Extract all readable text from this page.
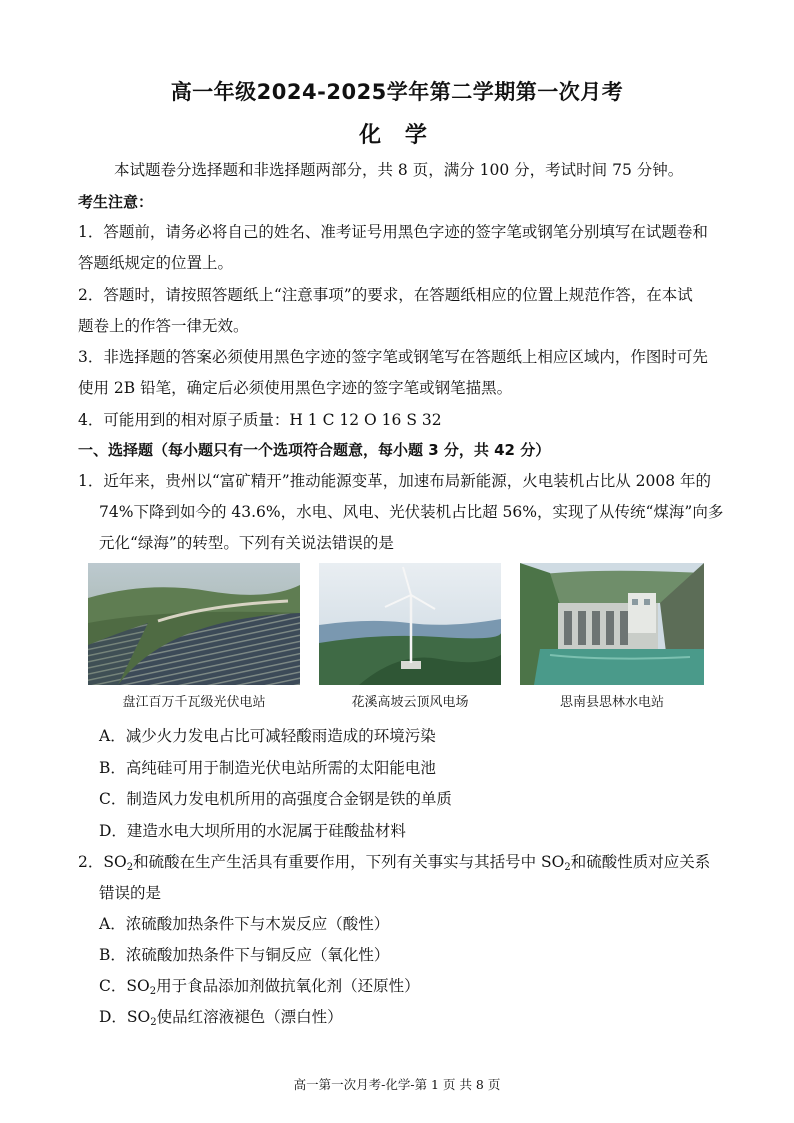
高一年级2024-2025学年第二学期第一次月考
化 学
本试题卷分选择题和非选择题两部分，共 8 页，满分 100 分，考试时间 75 分钟。
考生注意：
1．答题前，请务必将自己的姓名、准考证号用黑色字迹的签字笔或钢笔分别填写在试题卷和
答题纸规定的位置上。
2．答题时，请按照答题纸上“注意事项”的要求，在答题纸相应的位置上规范作答，在本试
题卷上的作答一律无效。
3．非选择题的答案必须使用黑色字迹的签字笔或钢笔写在答题纸上相应区域内，作图时可先
使用 2B 铅笔，确定后必须使用黑色字迹的签字笔或钢笔描黑。
4．可能用到的相对原子质量：H 1 C 12 O 16 S 32
一、选择题（每小题只有一个选项符合题意，每小题 3 分，共 42 分）
1．近年来，贵州以“富矿精开”推动能源变革，加速布局新能源，火电装机占比从 2008 年的
74%下降到如今的 43.6%，水电、风电、光伏装机占比超 56%，实现了从传统“煤海”向多
元化“绿海”的转型。下列有关说法错误的是
盘江百万千瓦级光伏电站	花溪高坡云顶风电场	思南县思林水电站
A．减少火力发电占比可减轻酸雨造成的环境污染
B．高纯硅可用于制造光伏电站所需的太阳能电池
C．制造风力发电机所用的高强度合金钢是铁的单质
D．建造水电大坝所用的水泥属于硅酸盐材料
2．$SO_2$和硫酸在生产生活具有重要作用，下列有关事实与其括号中 $SO_2$和硫酸性质对应关系
错误的是
A．浓硫酸加热条件下与木炭反应（酸性）
B．浓硫酸加热条件下与铜反应（氧化性）
C．$SO_2$用于食品添加剂做抗氧化剂（还原性）
D．$SO_2$使品红溶液褪色（漂白性）
高一第一次月考-化学-第 1 页 共 8 页
